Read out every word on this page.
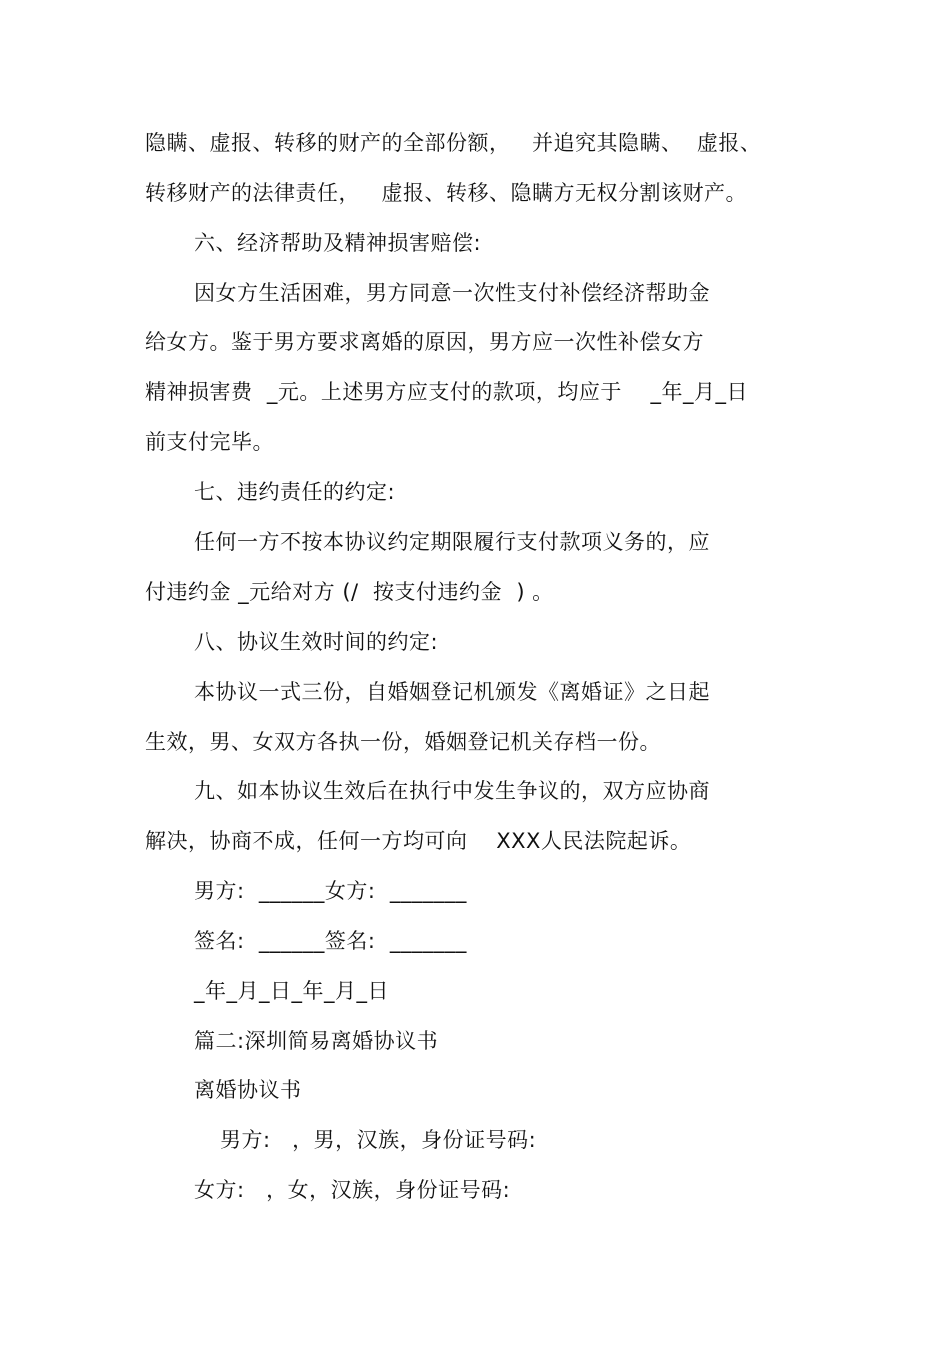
隐瞒、虚报、转移的财产的全部份额，   并追究其隐瞒、  虚报、
转移财产的法律责任，   虚报、转移、隐瞒方无权分割该财产。
六、经济帮助及精神损害赔偿:
因女方生活困难，男方同意一次性支付补偿经济帮助金
给女方。鉴于男方要求离婚的原因，男方应一次性补偿女方
精神损害费  _元。上述男方应支付的款项，均应于    _年_月_日
前支付完毕。
七、违约责任的约定:
任何一方不按本协议约定期限履行支付款项义务的，应
付违约金 _元给对方 (/  按支付违约金  ) 。
八、协议生效时间的约定:
本协议一式三份，自婚姻登记机颁发《离婚证》之日起
生效，男、女双方各执一份，婚姻登记机关存档一份。
九、如本协议生效后在执行中发生争议的，双方应协商
解决，协商不成，任何一方均可向    XXX人民法院起诉。
男方:  ______女方:  _______
签名:  ______签名:  _______
_年_月_日_年_月_日
篇二:深圳简易离婚协议书
离婚协议书
男方:   ，男，汉族，身份证号码:
女方:   ，女，汉族，身份证号码:
